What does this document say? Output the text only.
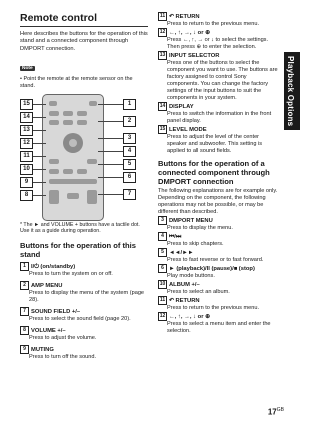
Playback Options
Remote control

Here describes the buttons for the operation of this stand and a connected component through DMPORT connection.

Note

• Point the remote at the remote sensor on the stand.

15
14
13
12
11
10
9
8
1
2
3
4
5
6
7

* The ► and VOLUME + buttons have a tactile dot. Use it as a guide during operation.

Buttons for the operation of this stand
1 I/⏻ (on/standby)
Press to turn the system on or off.
2 AMP MENU
Press to display the menu of the system (page 28).
7 SOUND FIELD +/–
Press to select the sound field (page 20).
8 VOLUME +/–
Press to adjust the volume.
9 MUTING
Press to turn off the sound.
11 ↶ RETURN
Press to return to the previous menu.
12 ←, ↑, →, ↓ or ⊕
Press ←, ↑, → or ↓ to select the settings. Then press ⊕ to enter the selection.
13 INPUT SELECTOR
Press one of the buttons to select the component you want to use. The buttons are factory assigned to control Sony components. You can change the factory settings of the input buttons to suit the components in your system.
14 DISPLAY
Press to switch the information in the front panel display.
15 LEVEL MODE
Press to adjust the level of the center speaker and subwoofer. This setting is applied to all sound fields.
Buttons for the operation of a connected component through DMPORT connection

The following explanations are for example only. Depending on the component, the following operations may not be possible, or may be different than described.

3 DMPORT MENU
Press to display the menu.
4 ⏮/⏭
Press to skip chapters.
5 ◄◄/►►
Press to fast reverse or to fast forward.
6 ► (playback)/II (pause)/■ (stop)
Play mode buttons.
10 ALBUM +/–
Press to select an album.
11 ↶ RETURN
Press to return to the previous menu.
12 ←, ↑, →, ↓ or ⊕
Press to select a menu item and enter the selection.
$17^{GB}$
